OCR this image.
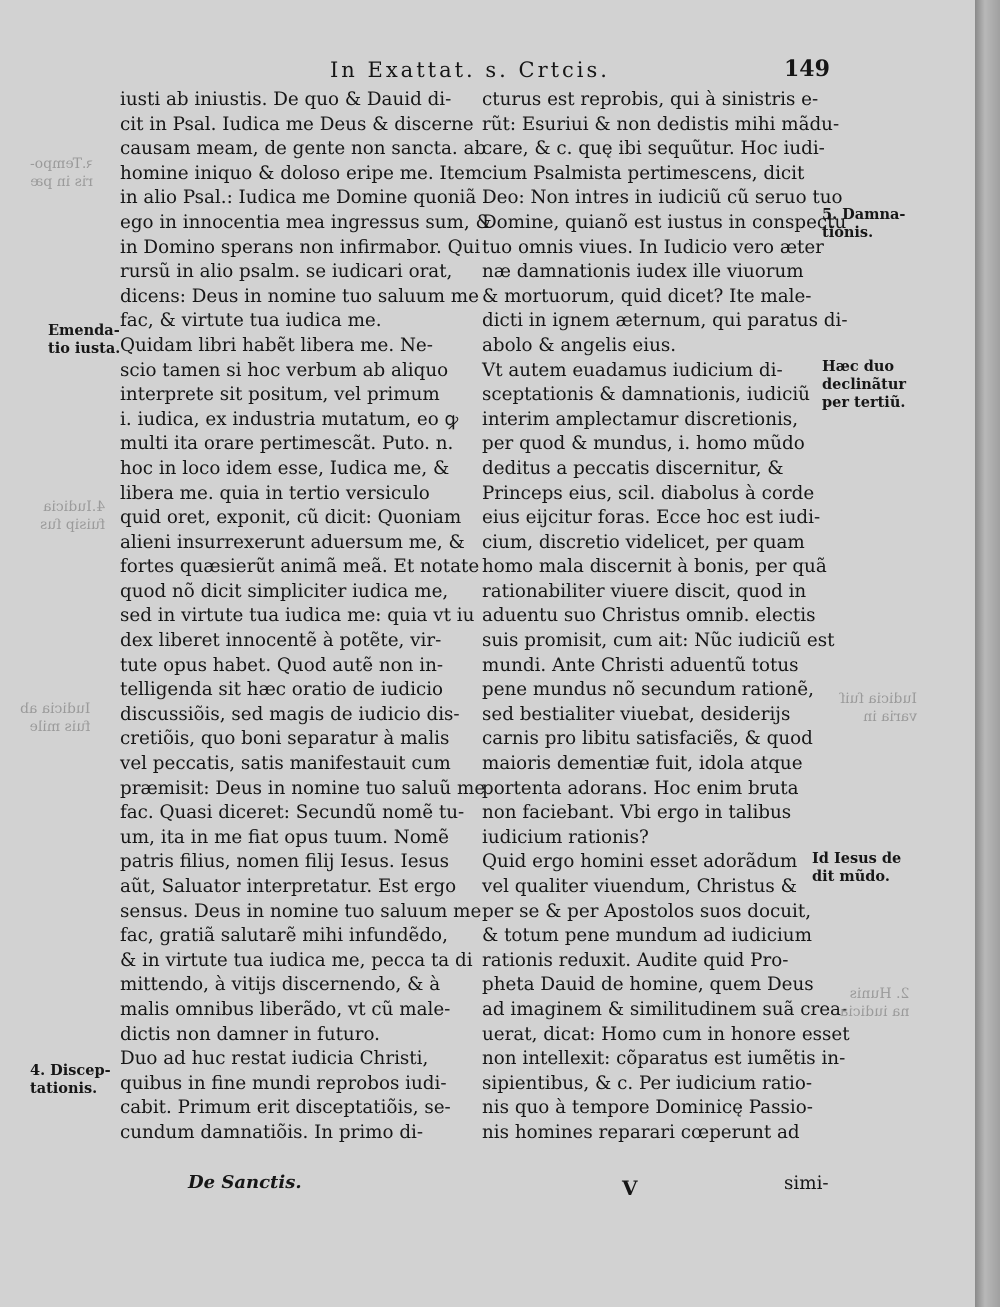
In Exattat. s. Crtcis.	149

iusti ab iniustis. De quo & Dauid di-

cit in Psal. Iudica me Deus & discerne

causam meam, de gente non sancta. ab

homine iniquo & doloso eripe me. Item

in alio Psal.: Iudica me Domine quoniã

ego in innocentia mea ingressus sum, &

in Domino sperans non infirmabor. Qui

rursũ in alio psalm. se iudicari orat,

dicens: Deus in nomine tuo saluum me

fac, & virtute tua iudica me.

Quidam libri habẽt libera me. Ne-

scio tamen si hoc verbum ab aliquo

interprete sit positum, vel primum

i. iudica, ex industria mutatum, eo ꝙ

multi ita orare pertimescãt. Puto. n.

hoc in loco idem esse, Iudica me, &

libera me. quia in tertio versiculo

quid oret, exponit, cũ dicit: Quoniam

alieni insurrexerunt aduersum me, &

fortes quæsierũt animã meã. Et notate

quod nõ dicit simpliciter iudica me,

sed in virtute tua iudica me: quia vt iu

dex liberet innocentẽ à potẽte, vir-

tute opus habet. Quod autẽ non in-

telligenda sit hæc oratio de iudicio

discussiõis, sed magis de iudicio dis-

cretiõis, quo boni separatur à malis

vel peccatis, satis manifestauit cum

præmisit: Deus in nomine tuo saluũ me

fac. Quasi diceret: Secundũ nomẽ tu-

um, ita in me fiat opus tuum. Nomẽ

patris filius, nomen filij Iesus. Iesus

aũt, Saluator interpretatur. Est ergo

sensus. Deus in nomine tuo saluum me

fac, gratiã salutarẽ mihi infundẽdo,

& in virtute tua iudica me, pecca ta di

mittendo, à vitijs discernendo, & à

malis omnibus liberãdo, vt cũ male-

dictis non damner in futuro.

Duo ad huc restat iudicia Christi,

quibus in fine mundi reprobos iudi-

cabit. Primum erit disceptatiõis, se-

cundum damnatiõis. In primo di-

cturus est reprobis, qui à sinistris e-

rũt: Esuriui & non dedistis mihi mãdu-

care, & c. quę ibi sequũtur. Hoc iudi-

cium Psalmista pertimescens, dicit

Deo: Non intres in iudiciũ cũ seruo tuo

Domine, quianõ est iustus in conspectu

tuo omnis viues. In Iudicio vero æter

næ damnationis iudex ille viuorum

& mortuorum, quid dicet? Ite male-

dicti in ignem æternum, qui paratus di-

abolo & angelis eius.

Vt autem euadamus iudicium di-

sceptationis & damnationis, iudiciũ

interim amplectamur discretionis,

per quod & mundus, i. homo mũdo

deditus a peccatis discernitur, &

Princeps eius, scil. diabolus à corde

eius eijcitur foras. Ecce hoc est iudi-

cium, discretio videlicet, per quam

homo mala discernit à bonis, per quã

rationabiliter viuere discit, quod in

aduentu suo Christus omnib. electis

suis promisit, cum ait: Nũc iudiciũ est

mundi. Ante Christi aduentũ totus

pene mundus nõ secundum rationẽ,

sed bestialiter viuebat, desiderijs

carnis pro libitu satisfaciẽs, & quod

maioris dementiæ fuit, idola atque

portenta adorans. Hoc enim bruta

non faciebant. Vbi ergo in talibus

iudicium rationis?

Quid ergo homini esset adorãdum

vel qualiter viuendum, Christus &

per se & per Apostolos suos docuit,

& totum pene mundum ad iudicium

rationis reduxit. Audite quid Pro-

pheta Dauid de homine, quem Deus

ad imaginem & similitudinem suã crea-

uerat, dicat: Homo cum in honore esset

non intellexit: cõparatus est iumẽtis in-

sipientibus, & c. Per iudicium ratio-

nis quo à tempore Dominicę Passio-

nis homines reparari cœperunt ad

Emenda-
tio iusta.
4. Discep-
tationis.
5. Damna-
tionis.
Hæc duo
declinãtur
per tertiũ.
Id Iesus de
dit mũdo.
De Sanctis.	V	simi-
ꝛ.Tempo-
ris in pæ
4.Iudicia
fuisip ſus
Iudicia ab
fuis mile
Iudicia ſuiſ
varia in
2. Hunis
na iudicia
